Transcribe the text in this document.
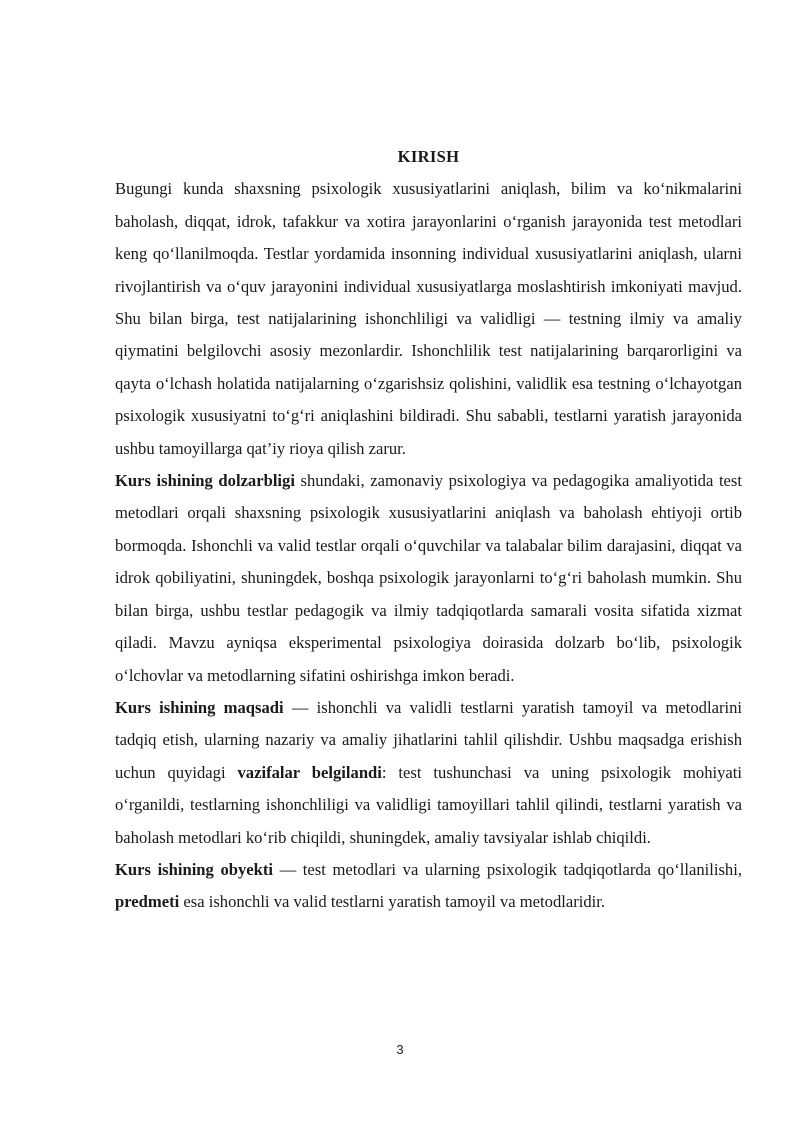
KIRISH

Bugungi kunda shaxsning psixologik xususiyatlarini aniqlash, bilim va ko‘nikmalarini baholash, diqqat, idrok, tafakkur va xotira jarayonlarini o‘rganish jarayonida test metodlari keng qo‘llanilmoqda. Testlar yordamida insonning individual xususiyatlarini aniqlash, ularni rivojlantirish va o‘quv jarayonini individual xususiyatlarga moslashtirish imkoniyati mavjud. Shu bilan birga, test natijalarining ishonchliligi va validligi — testning ilmiy va amaliy qiymatini belgilovchi asosiy mezonlardir. Ishonchlilik test natijalarining barqarorligini va qayta o‘lchash holatida natijalarning o‘zgarishsiz qolishini, validlik esa testning o‘lchayotgan psixologik xususiyatni to‘g‘ri aniqlashini bildiradi. Shu sababli, testlarni yaratish jarayonida ushbu tamoyillarga qat’iy rioya qilish zarur.

Kurs ishining dolzarbligi shundaki, zamonaviy psixologiya va pedagogika amaliyotida test metodlari orqali shaxsning psixologik xususiyatlarini aniqlash va baholash ehtiyoji ortib bormoqda. Ishonchli va valid testlar orqali o‘quvchilar va talabalar bilim darajasini, diqqat va idrok qobiliyatini, shuningdek, boshqa psixologik jarayonlarni to‘g‘ri baholash mumkin. Shu bilan birga, ushbu testlar pedagogik va ilmiy tadqiqotlarda samarali vosita sifatida xizmat qiladi. Mavzu ayniqsa eksperimental psixologiya doirasida dolzarb bo‘lib, psixologik o‘lchovlar va metodlarning sifatini oshirishga imkon beradi.

Kurs ishining maqsadi — ishonchli va validli testlarni yaratish tamoyil va metodlarini tadqiq etish, ularning nazariy va amaliy jihatlarini tahlil qilishdir. Ushbu maqsadga erishish uchun quyidagi vazifalar belgilandi: test tushunchasi va uning psixologik mohiyati o‘rganildi, testlarning ishonchliligi va validligi tamoyillari tahlil qilindi, testlarni yaratish va baholash metodlari ko‘rib chiqildi, shuningdek, amaliy tavsiyalar ishlab chiqildi.

Kurs ishining obyekti — test metodlari va ularning psixologik tadqiqotlarda qo‘llanilishi, predmeti esa ishonchli va valid testlarni yaratish tamoyil va metodlaridir.

3
